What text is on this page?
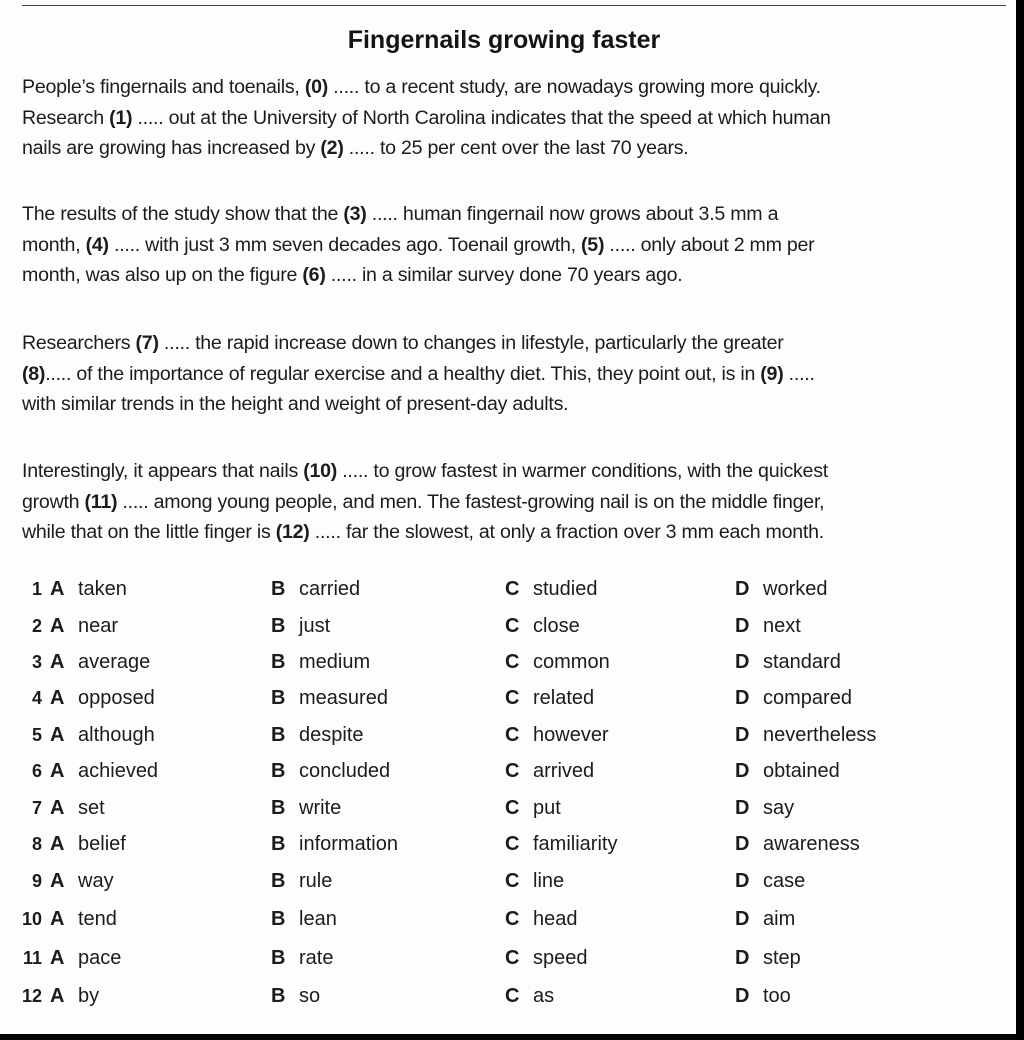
Fingernails growing faster
People’s fingernails and toenails, (0) ..... to a recent study, are nowadays growing more quickly.
Research (1) ..... out at the University of North Carolina indicates that the speed at which human
nails are growing has increased by (2) ..... to 25 per cent over the last 70 years.
The results of the study show that the (3) ..... human fingernail now grows about 3.5 mm a
month, (4) ..... with just 3 mm seven decades ago. Toenail growth, (5) ..... only about 2 mm per
month, was also up on the figure (6) ..... in a similar survey done 70 years ago.
Researchers (7) ..... the rapid increase down to changes in lifestyle, particularly the greater
(8)..... of the importance of regular exercise and a healthy diet. This, they point out, is in (9) .....
with similar trends in the height and weight of present-day adults.
Interestingly, it appears that nails (10) ..... to grow fastest in warmer conditions, with the quickest
growth (11) ..... among young people, and men. The fastest-growing nail is on the middle finger,
while that on the little finger is (12) ..... far the slowest, at only a fraction over 3 mm each month.
1 A taken	B carried	C studied	D worked
2 A near	B just	C close	D next
3 A average	B medium	C common	D standard
4 A opposed	B measured	C related	D compared
5 A although	B despite	C however	D nevertheless
6 A achieved	B concluded	C arrived	D obtained
7 A set	B write	C put	D say
8 A belief	B information	C familiarity	D awareness
9 A way	B rule	C line	D case
10 A tend	B lean	C head	D aim
11 A pace	B rate	C speed	D step
12 A by	B so	C as	D too
